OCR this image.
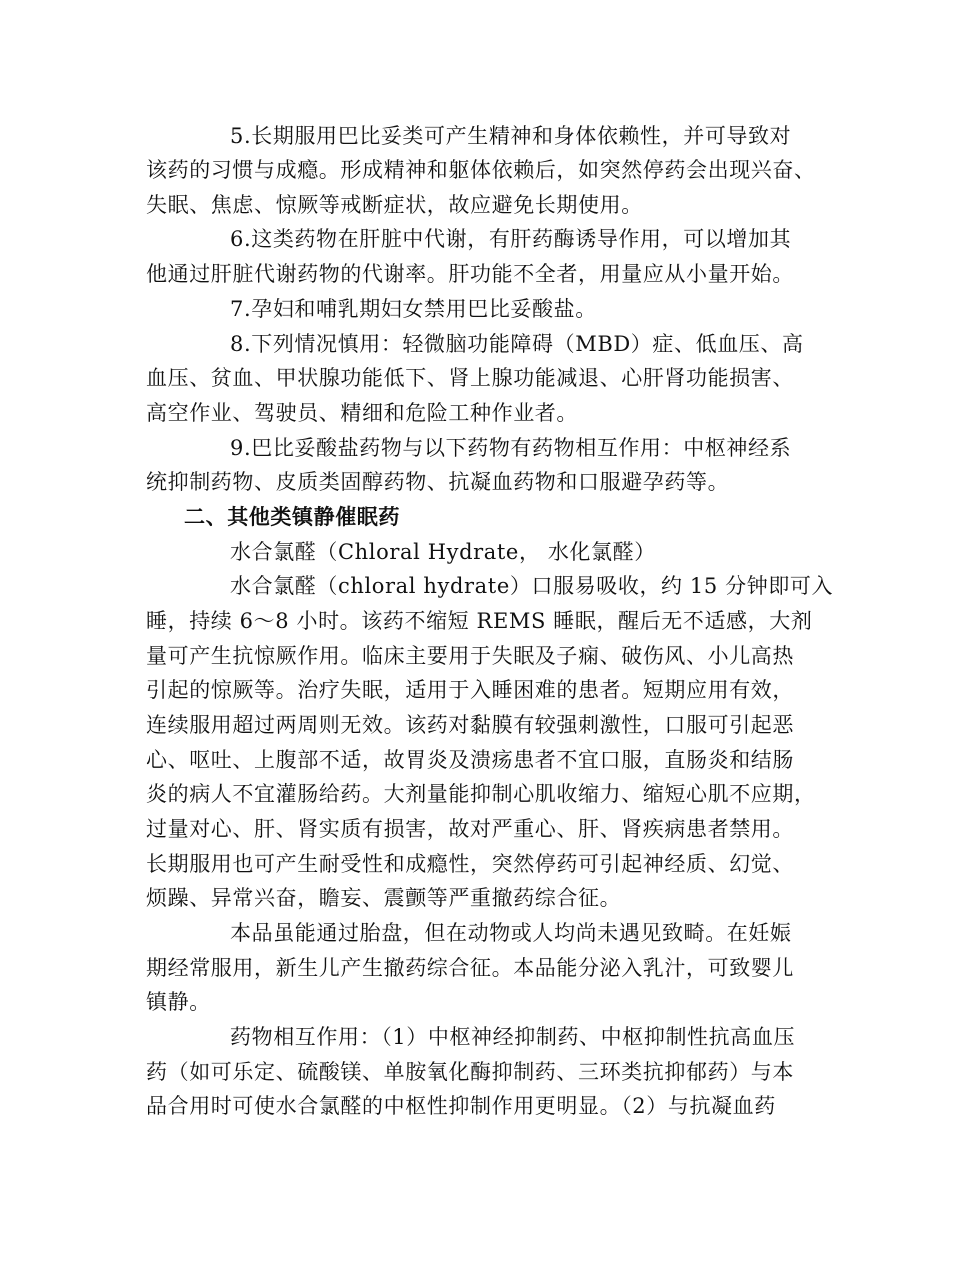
5.长期服用巴比妥类可产生精神和身体依赖性，并可导致对
该药的习惯与成瘾。形成精神和躯体依赖后，如突然停药会出现兴奋、
失眠、焦虑、惊厥等戒断症状，故应避免长期使用。
6.这类药物在肝脏中代谢，有肝药酶诱导作用，可以增加其
他通过肝脏代谢药物的代谢率。肝功能不全者，用量应从小量开始。
7.孕妇和哺乳期妇女禁用巴比妥酸盐。
8.下列情况慎用：轻微脑功能障碍（MBD）症、低血压、高
血压、贫血、甲状腺功能低下、肾上腺功能减退、心肝肾功能损害、
高空作业、驾驶员、精细和危险工种作业者。
9.巴比妥酸盐药物与以下药物有药物相互作用：中枢神经系
统抑制药物、皮质类固醇药物、抗凝血药物和口服避孕药等。
二、其他类镇静催眠药
水合氯醛（Chloral Hydrate， 水化氯醛）
水合氯醛（chloral hydrate）口服易吸收，约 15 分钟即可入
睡，持续 6～8 小时。该药不缩短 REMS 睡眠，醒后无不适感，大剂
量可产生抗惊厥作用。临床主要用于失眠及子痫、破伤风、小儿高热
引起的惊厥等。治疗失眠，适用于入睡困难的患者。短期应用有效，
连续服用超过两周则无效。该药对黏膜有较强刺激性，口服可引起恶
心、呕吐、上腹部不适，故胃炎及溃疡患者不宜口服，直肠炎和结肠
炎的病人不宜灌肠给药。大剂量能抑制心肌收缩力、缩短心肌不应期，
过量对心、肝、肾实质有损害，故对严重心、肝、肾疾病患者禁用。
长期服用也可产生耐受性和成瘾性，突然停药可引起神经质、幻觉、
烦躁、异常兴奋，瞻妄、震颤等严重撤药综合征。
本品虽能通过胎盘，但在动物或人均尚未遇见致畸。在妊娠
期经常服用，新生儿产生撤药综合征。本品能分泌入乳汁，可致婴儿
镇静。
药物相互作用：（1）中枢神经抑制药、中枢抑制性抗高血压
药（如可乐定、硫酸镁、单胺氧化酶抑制药、三环类抗抑郁药）与本
品合用时可使水合氯醛的中枢性抑制作用更明显。（2）与抗凝血药
